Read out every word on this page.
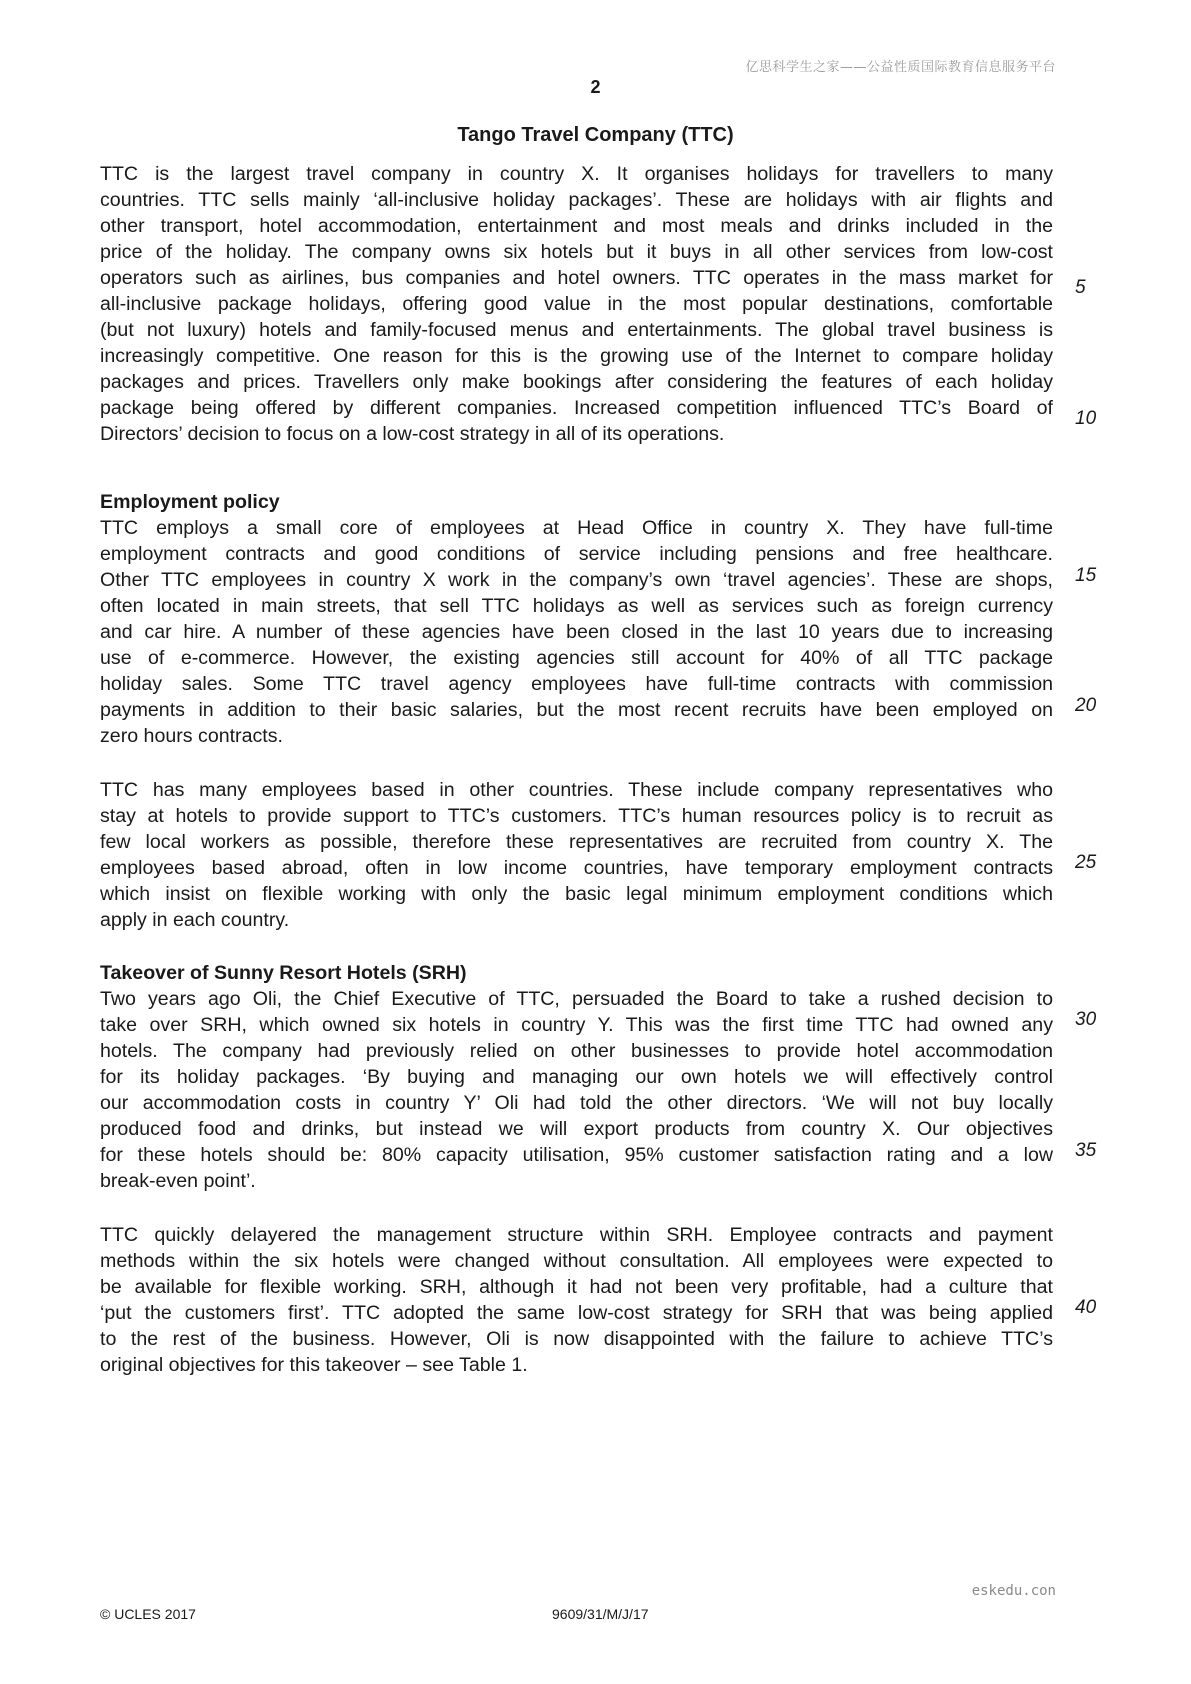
亿思科学生之家——公益性质国际教育信息服务平台
2
Tango Travel Company (TTC)
TTC is the largest travel company in country X. It organises holidays for travellers to many
countries. TTC sells mainly ‘all-inclusive holiday packages’. These are holidays with air flights and
other transport, hotel accommodation, entertainment and most meals and drinks included in the
price of the holiday. The company owns six hotels but it buys in all other services from low-cost
operators such as airlines, bus companies and hotel owners. TTC operates in the mass market for
all-inclusive package holidays, offering good value in the most popular destinations, comfortable
(but not luxury) hotels and family-focused menus and entertainments. The global travel business is
increasingly competitive. One reason for this is the growing use of the Internet to compare holiday
packages and prices. Travellers only make bookings after considering the features of each holiday
package being offered by different companies. Increased competition influenced TTC’s Board of
Directors’ decision to focus on a low-cost strategy in all of its operations.
Employment policy
TTC employs a small core of employees at Head Office in country X. They have full-time
employment contracts and good conditions of service including pensions and free healthcare.
Other TTC employees in country X work in the company’s own ‘travel agencies’. These are shops,
often located in main streets, that sell TTC holidays as well as services such as foreign currency
and car hire. A number of these agencies have been closed in the last 10 years due to increasing
use of e-commerce. However, the existing agencies still account for 40% of all TTC package
holiday sales. Some TTC travel agency employees have full-time contracts with commission
payments in addition to their basic salaries, but the most recent recruits have been employed on
zero hours contracts.
TTC has many employees based in other countries. These include company representatives who
stay at hotels to provide support to TTC’s customers. TTC’s human resources policy is to recruit as
few local workers as possible, therefore these representatives are recruited from country X. The
employees based abroad, often in low income countries, have temporary employment contracts
which insist on flexible working with only the basic legal minimum employment conditions which
apply in each country.
Takeover of Sunny Resort Hotels (SRH)
Two years ago Oli, the Chief Executive of TTC, persuaded the Board to take a rushed decision to
take over SRH, which owned six hotels in country Y. This was the first time TTC had owned any
hotels. The company had previously relied on other businesses to provide hotel accommodation
for its holiday packages. ‘By buying and managing our own hotels we will effectively control
our accommodation costs in country Y’ Oli had told the other directors. ‘We will not buy locally
produced food and drinks, but instead we will export products from country X. Our objectives
for these hotels should be: 80% capacity utilisation, 95% customer satisfaction rating and a low
break-even point’.
TTC quickly delayered the management structure within SRH. Employee contracts and payment
methods within the six hotels were changed without consultation. All employees were expected to
be available for flexible working. SRH, although it had not been very profitable, had a culture that
‘put the customers first’. TTC adopted the same low-cost strategy for SRH that was being applied
to the rest of the business. However, Oli is now disappointed with the failure to achieve TTC’s
original objectives for this takeover – see Table 1.
5
10
15
20
25
30
35
40
eskedu.con
© UCLES 2017	9609/31/M/J/17
